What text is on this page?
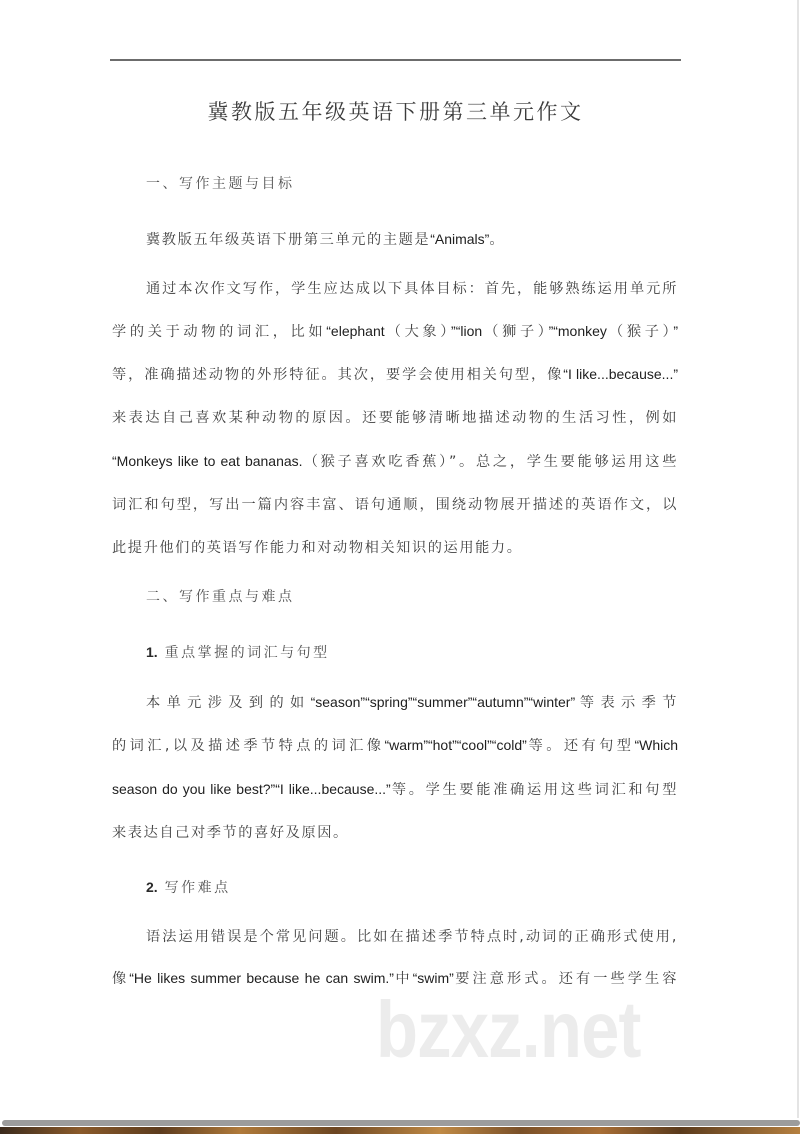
冀教版五年级英语下册第三单元作文
一、写作主题与目标
冀教版五年级英语下册第三单元的主题是“Animals”。
通过本次作文写作，学生应达成以下具体目标：首先，能够熟练运用单元所
学的关于动物的词汇，比如“elephant（大象）”“lion（狮子）”“monkey（猴子）”
等，准确描述动物的外形特征。其次，要学会使用相关句型，像“I like...because...”
来表达自己喜欢某种动物的原因。还要能够清晰地描述动物的生活习性，例如
“Monkeys like to eat bananas.（猴子喜欢吃香蕉）”。总之，学生要能够运用这些
词汇和句型，写出一篇内容丰富、语句通顺，围绕动物展开描述的英语作文，以
此提升他们的英语写作能力和对动物相关知识的运用能力。
二、写作重点与难点
1. 重点掌握的词汇与句型
本单元涉及到的如“season”“spring”“summer”“autumn”“winter”等表示季节
的词汇,以及描述季节特点的词汇像“warm”“hot”“cool”“cold”等。还有句型“Which
season do you like best?”“I like...because...”等。学生要能准确运用这些词汇和句型
来表达自己对季节的喜好及原因。
2. 写作难点
语法运用错误是个常见问题。比如在描述季节特点时,动词的正确形式使用,
像“He likes summer because he can swim.”中“swim”要注意形式。还有一些学生容
bzxz.net
